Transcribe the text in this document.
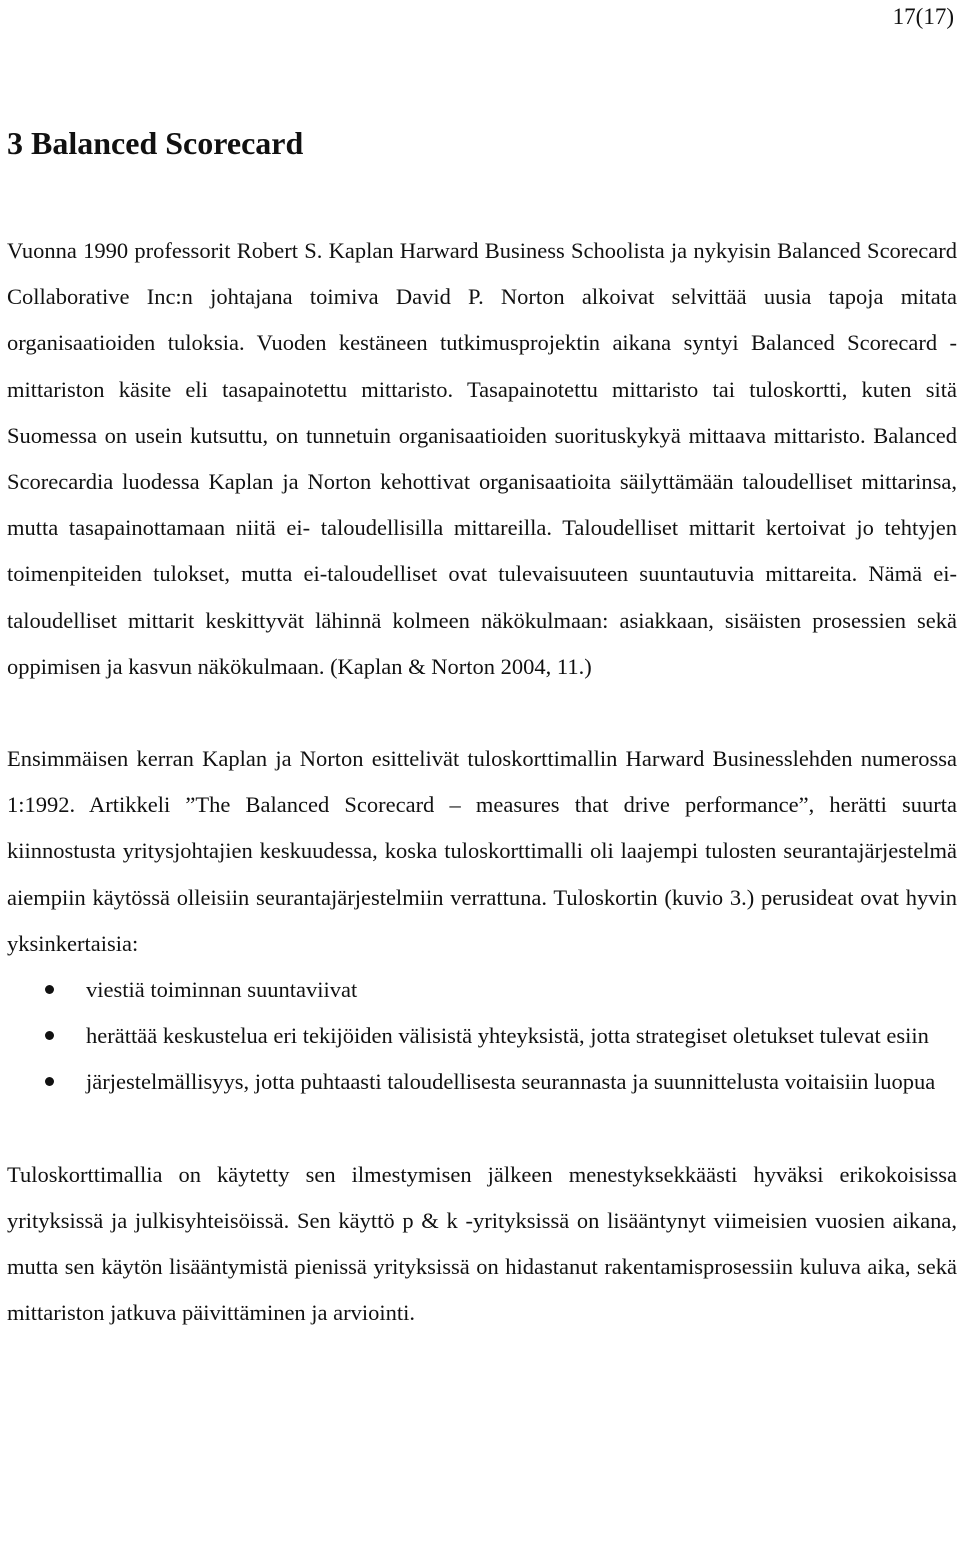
17(17)
3 Balanced Scorecard

Vuonna 1990 professorit Robert S. Kaplan Harward Business Schoolista ja nykyisin Balanced Scorecard Collaborative Inc:n johtajana toimiva David P. Norton alkoivat selvittää uusia tapoja mitata organisaatioiden tuloksia. Vuoden kestäneen tutkimusprojektin aikana syntyi Balanced Scorecard -mittariston käsite eli tasapainotettu mittaristo. Tasapainotettu mittaristo tai tuloskortti, kuten sitä Suomessa on usein kutsuttu, on tunnetuin organisaatioiden suorituskykyä mittaava mittaristo. Balanced Scorecardia luodessa Kaplan ja Norton kehottivat organisaatioita säilyttämään taloudelliset mittarinsa, mutta tasapainottamaan niitä ei- taloudellisilla mittareilla. Taloudelliset mittarit kertoivat jo tehtyjen toimenpiteiden tulokset, mutta ei-taloudelliset ovat tulevaisuuteen suuntautuvia mittareita. Nämä ei-taloudelliset mittarit keskittyvät lähinnä kolmeen näkökulmaan: asiakkaan, sisäisten prosessien sekä oppimisen ja kasvun näkökulmaan. (Kaplan & Norton 2004, 11.)

Ensimmäisen kerran Kaplan ja Norton esittelivät tuloskorttimallin Harward Businesslehden numerossa 1:1992. Artikkeli ”The Balanced Scorecard – measures that drive performance”, herätti suurta kiinnostusta yritysjohtajien keskuudessa, koska tuloskorttimalli oli laajempi tulosten seurantajärjestelmä aiempiin käytössä olleisiin seurantajärjestelmiin verrattuna. Tuloskortin (kuvio 3.) perusideat ovat hyvin yksinkertaisia:

viestiä toiminnan suuntaviivat
herättää keskustelua eri tekijöiden välisistä yhteyksistä, jotta strategiset oletukset tulevat esiin
järjestelmällisyys, jotta puhtaasti taloudellisesta seurannasta ja suunnittelusta voitaisiin luopua

Tuloskorttimallia on käytetty sen ilmestymisen jälkeen menestyksekkäästi hyväksi erikokoisissa yrityksissä ja julkisyhteisöissä. Sen käyttö p & k -yrityksissä on lisääntynyt viimeisien vuosien aikana, mutta sen käytön lisääntymistä pienissä yrityksissä on hidastanut rakentamisprosessiin kuluva aika, sekä mittariston jatkuva päivittäminen ja arviointi.
